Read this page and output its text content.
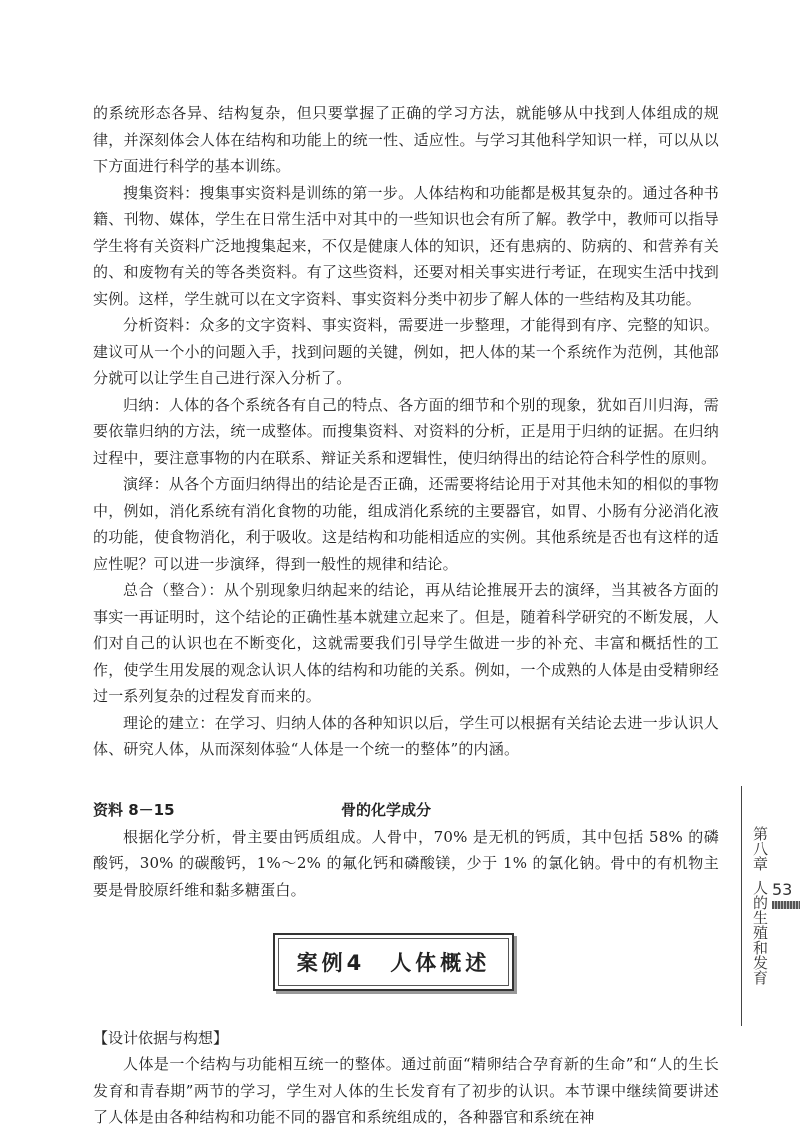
的系统形态各异、结构复杂，但只要掌握了正确的学习方法，就能够从中找到人体组成的规律，并深刻体会人体在结构和功能上的统一性、适应性。与学习其他科学知识一样，可以从以下方面进行科学的基本训练。

搜集资料：搜集事实资料是训练的第一步。人体结构和功能都是极其复杂的。通过各种书籍、刊物、媒体，学生在日常生活中对其中的一些知识也会有所了解。教学中，教师可以指导学生将有关资料广泛地搜集起来，不仅是健康人体的知识，还有患病的、防病的、和营养有关的、和废物有关的等各类资料。有了这些资料，还要对相关事实进行考证，在现实生活中找到实例。这样，学生就可以在文字资料、事实资料分类中初步了解人体的一些结构及其功能。

分析资料：众多的文字资料、事实资料，需要进一步整理，才能得到有序、完整的知识。建议可从一个小的问题入手，找到问题的关键，例如，把人体的某一个系统作为范例，其他部分就可以让学生自己进行深入分析了。

归纳：人体的各个系统各有自己的特点、各方面的细节和个别的现象，犹如百川归海，需要依靠归纳的方法，统一成整体。而搜集资料、对资料的分析，正是用于归纳的证据。在归纳过程中，要注意事物的内在联系、辩证关系和逻辑性，使归纳得出的结论符合科学性的原则。

演绎：从各个方面归纳得出的结论是否正确，还需要将结论用于对其他未知的相似的事物中，例如，消化系统有消化食物的功能，组成消化系统的主要器官，如胃、小肠有分泌消化液的功能，使食物消化，利于吸收。这是结构和功能相适应的实例。其他系统是否也有这样的适应性呢？可以进一步演绎，得到一般性的规律和结论。

总合（整合）：从个别现象归纳起来的结论，再从结论推展开去的演绎，当其被各方面的事实一再证明时，这个结论的正确性基本就建立起来了。但是，随着科学研究的不断发展，人们对自己的认识也在不断变化，这就需要我们引导学生做进一步的补充、丰富和概括性的工作，使学生用发展的观念认识人体的结构和功能的关系。例如，一个成熟的人体是由受精卵经过一系列复杂的过程发育而来的。

理论的建立：在学习、归纳人体的各种知识以后，学生可以根据有关结论去进一步认识人体、研究人体，从而深刻体验“人体是一个统一的整体”的内涵。

资料 8－15	骨的化学成分

根据化学分析，骨主要由钙质组成。人骨中，70% 是无机的钙质，其中包括 58% 的磷酸钙，30% 的碳酸钙，1%～2% 的氟化钙和磷酸镁，少于 1% 的氯化钠。骨中的有机物主要是骨胶原纤维和黏多糖蛋白。

案例4　人体概述

【设计依据与构想】

人体是一个结构与功能相互统一的整体。通过前面“精卵结合孕育新的生命”和“人的生长发育和青春期”两节的学习，学生对人体的生长发育有了初步的认识。本节课中继续简要讲述了人体是由各种结构和功能不同的器官和系统组成的，各种器官和系统在神

第八章
人的生殖和发育 53
